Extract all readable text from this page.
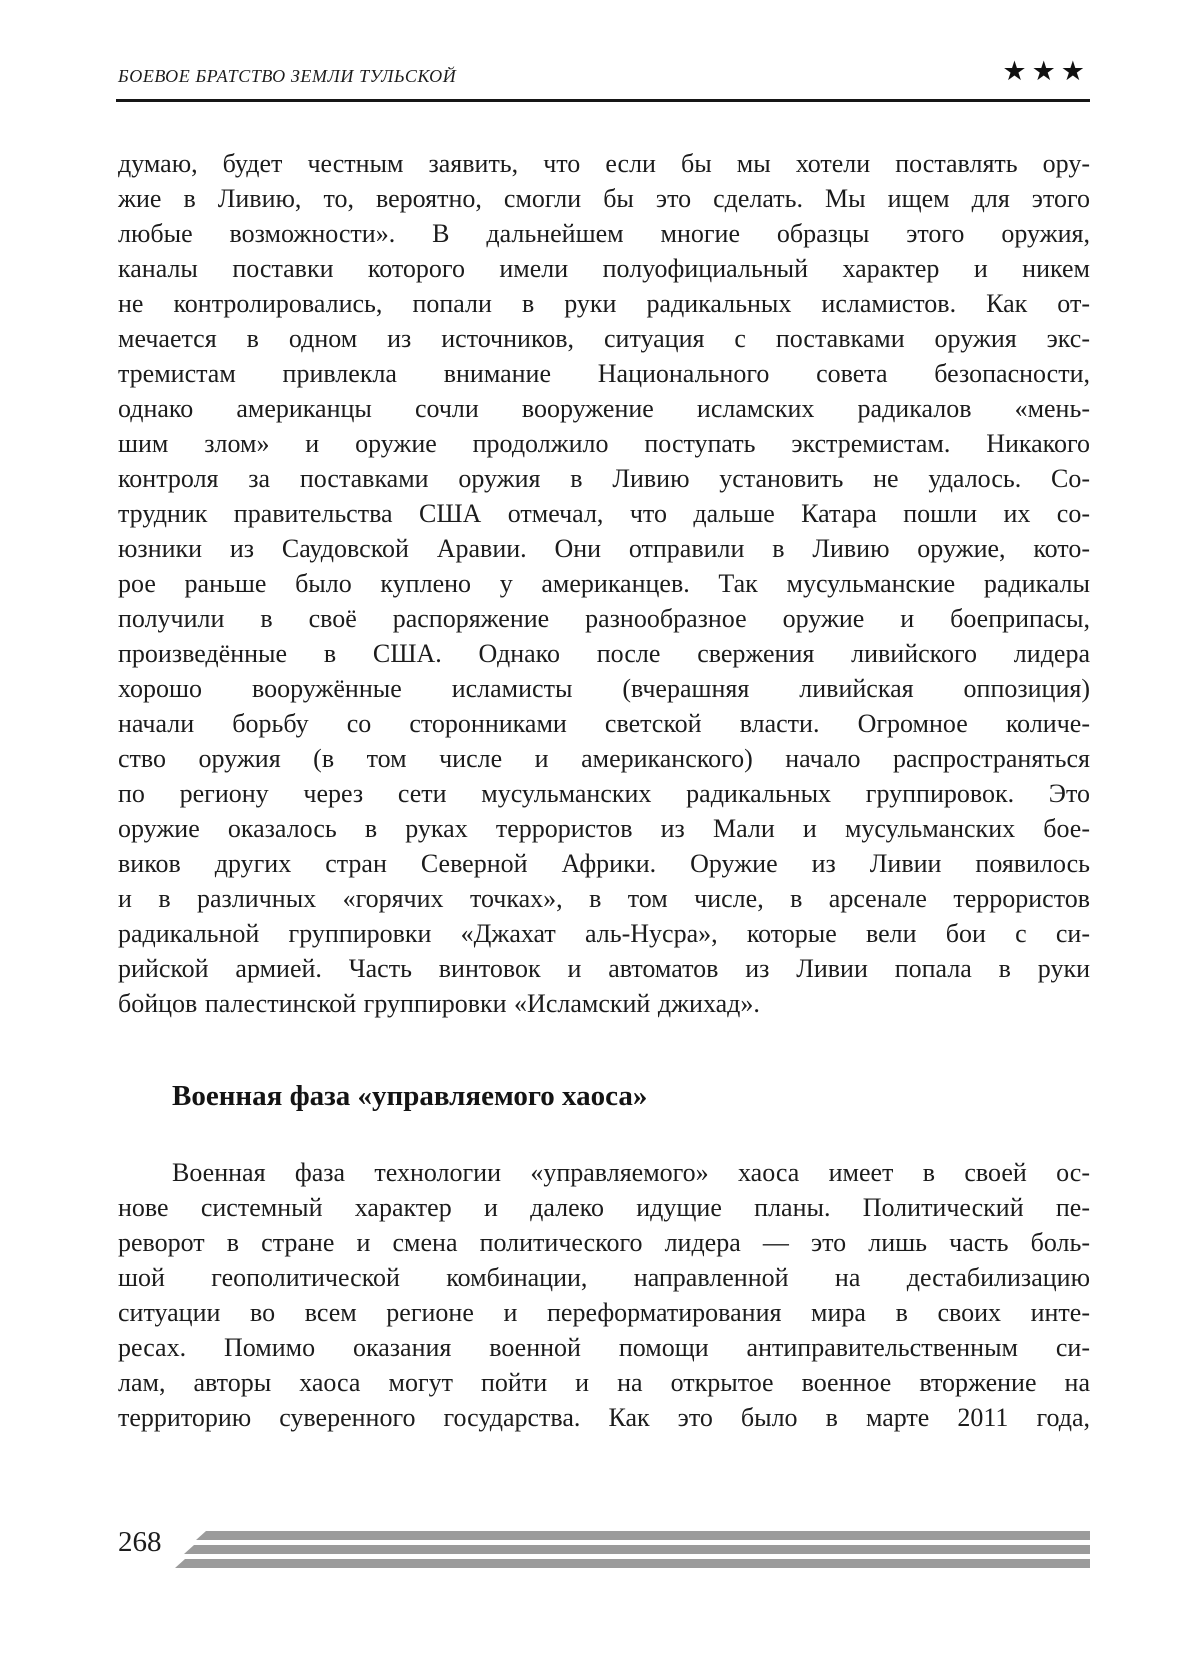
БОЕВОЕ БРАТСТВО ЗЕМЛИ ТУЛЬСКОЙ	★★★
думаю, будет честным заявить, что если бы мы хотели поставлять ору-
жие в Ливию, то, вероятно, смогли бы это сделать. Мы ищем для этого
любые возможности». В дальнейшем многие образцы этого оружия,
каналы поставки которого имели полуофициальный характер и никем
не контролировались, попали в руки радикальных исламистов. Как от-
мечается в одном из источников, ситуация с поставками оружия экс-
тремистам привлекла внимание Национального совета безопасности,
однако американцы сочли вооружение исламских радикалов «мень-
шим злом» и оружие продолжило поступать экстремистам. Никакого
контроля за поставками оружия в Ливию установить не удалось. Со-
трудник правительства США отмечал, что дальше Катара пошли их со-
юзники из Саудовской Аравии. Они отправили в Ливию оружие, кото-
рое раньше было куплено у американцев. Так мусульманские радикалы
получили в своё распоряжение разнообразное оружие и боеприпасы,
произведённые в США. Однако после свержения ливийского лидера
хорошо вооружённые исламисты (вчерашняя ливийская оппозиция)
начали борьбу со сторонниками светской власти. Огромное количе-
ство оружия (в том числе и американского) начало распространяться
по региону через сети мусульманских радикальных группировок. Это
оружие оказалось в руках террористов из Мали и мусульманских бое-
виков других стран Северной Африки. Оружие из Ливии появилось
и в различных «горячих точках», в том числе, в арсенале террористов
радикальной группировки «Джахат аль-Нусра», которые вели бои с си-
рийской армией. Часть винтовок и автоматов из Ливии попала в руки
бойцов палестинской группировки «Исламский джихад».
Военная фаза «управляемого хаоса»
Военная фаза технологии «управляемого» хаоса имеет в своей ос-
нове системный характер и далеко идущие планы. Политический пе-
реворот в стране и смена политического лидера — это лишь часть боль-
шой геополитической комбинации, направленной на дестабилизацию
ситуации во всем регионе и переформатирования мира в своих инте-
ресах. Помимо оказания военной помощи антиправительственным си-
лам, авторы хаоса могут пойти и на открытое военное вторжение на
территорию суверенного государства. Как это было в марте 2011 года,
268
